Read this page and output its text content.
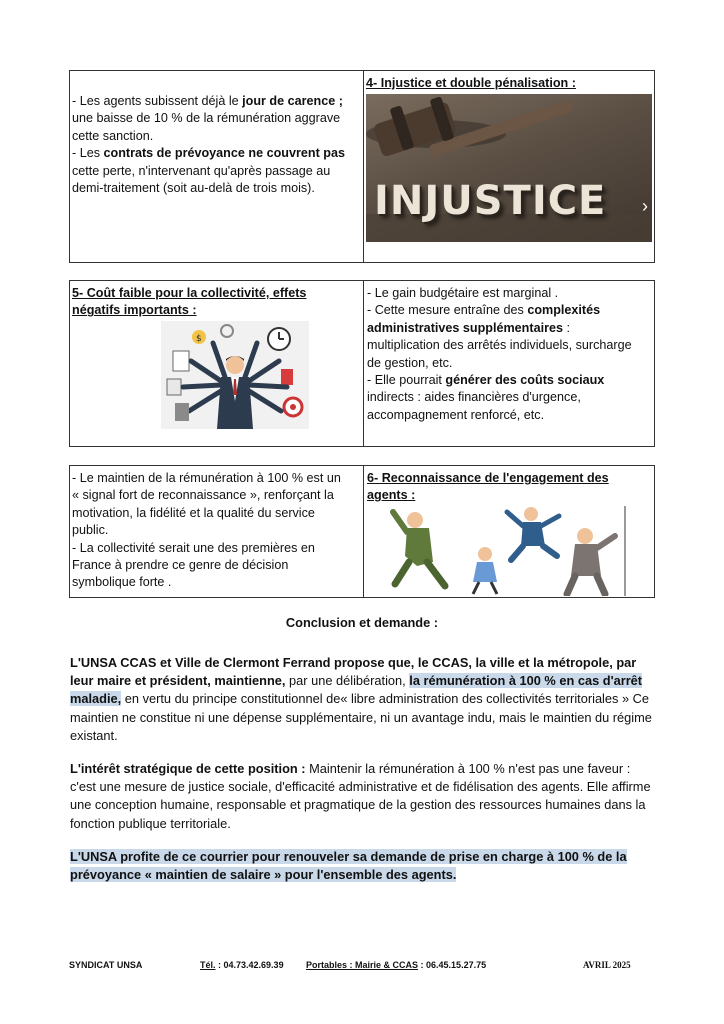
- Les agents subissent déjà le jour de carence ;
une baisse de 10 % de la rémunération aggrave
cette sanction.
- Les contrats de prévoyance ne couvrent pas
cette perte, n'intervenant qu'après passage au
demi-traitement (soit au-delà de trois mois).
4- Injustice et double pénalisation :
INJUSTICE ›
5- Coût faible pour la collectivité, effets
négatifs importants :
$
- Le gain budgétaire est marginal .
- Cette mesure entraîne des complexités
administratives supplémentaires :
multiplication des arrêtés individuels, surcharge
de gestion, etc.
- Elle pourrait générer des coûts sociaux
indirects : aides financières d'urgence,
accompagnement renforcé, etc.
- Le maintien de la rémunération à 100 % est un
« signal fort de reconnaissance », renforçant la
motivation, la fidélité et la qualité du service
public.
- La collectivité serait une des premières en
France à prendre ce genre de décision
symbolique forte .
6- Reconnaissance de l'engagement des
agents :
Conclusion et demande :
L'UNSA CCAS et Ville de Clermont Ferrand propose que, le CCAS, la ville et la métropole, par leur maire et président, maintienne, par une délibération, la rémunération à 100 % en cas d'arrêt maladie, en vertu du principe constitutionnel de« libre administration des collectivités territoriales » Ce maintien ne constitue ni une dépense supplémentaire, ni un avantage indu, mais le maintien du régime existant.
L'intérêt stratégique de cette position : Maintenir la rémunération à 100 % n'est pas une faveur : c'est une mesure de justice sociale, d'efficacité administrative et de fidélisation des agents. Elle affirme une conception humaine, responsable et pragmatique de la gestion des ressources humaines dans la fonction publique territoriale.
L'UNSA profite de ce courrier pour renouveler sa demande de prise en charge à 100 % de la prévoyance « maintien de salaire » pour l'ensemble des agents.
SYNDICAT UNSA	Tél. : 04.73.42.69.39 Portables : Mairie & CCAS : 06.45.15.27.75	AVRIL 2025
